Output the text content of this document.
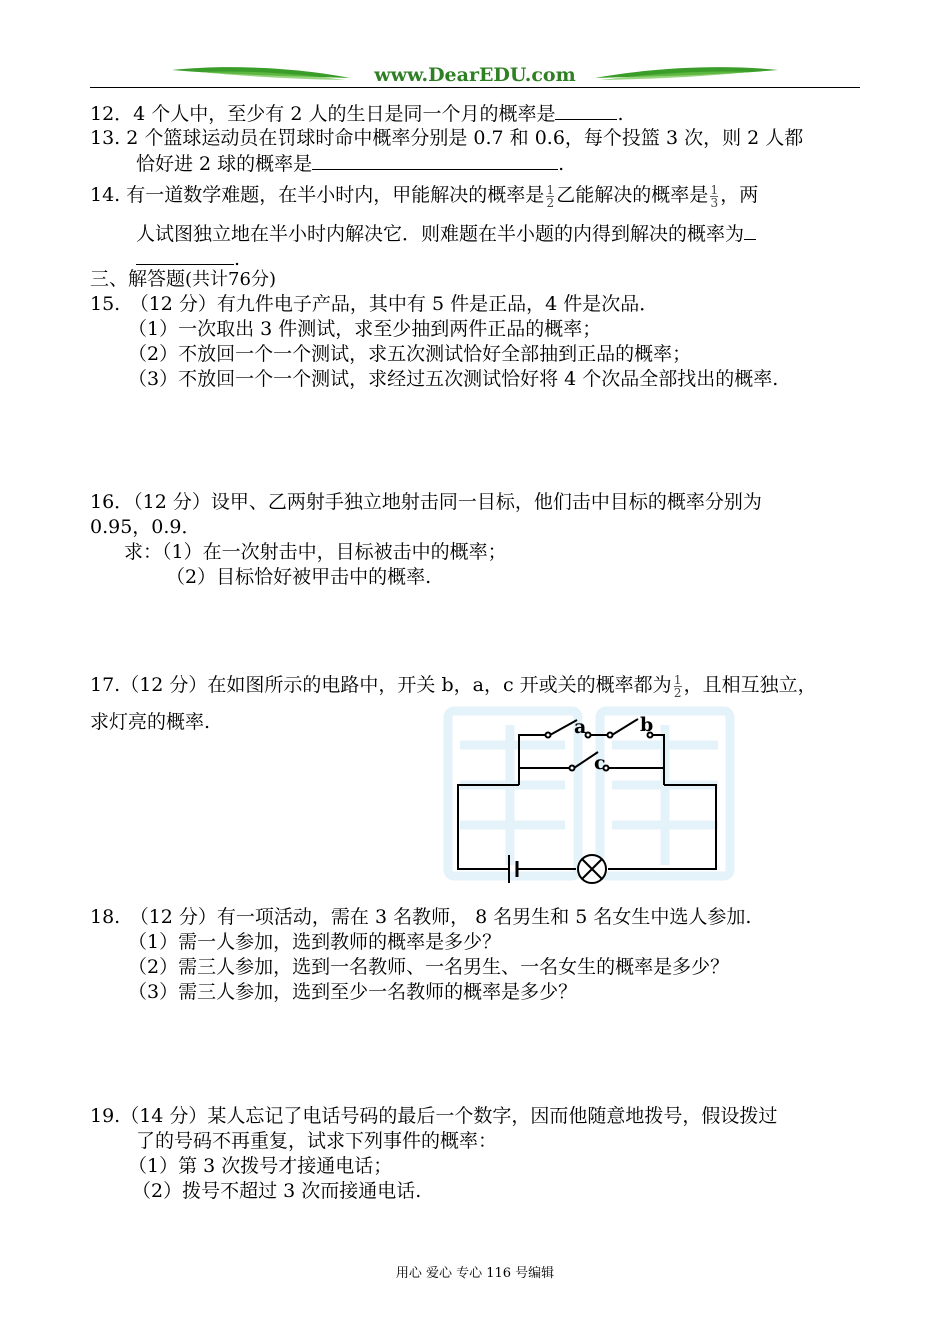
www.DearEDU.com
12．4 个人中，至少有 2 人的生日是同一个月的概率是	.
13. 2 个篮球运动员在罚球时命中概率分别是 0.7 和 0.6，每个投篮 3 次，则 2 人都
恰好进 2 球的概率是	.
14. 有一道数学难题，在半小时内，甲能解决的概率是 $\frac{1}{2}$ 乙能解决的概率是 $\frac{1}{3}$ ，两
人试图独立地在半小时内解决它．则难题在半小题的内得到解决的概率为
.
三、解答题(共计76分)
15.　（12 分）有九件电子产品，其中有 5 件是正品，4 件是次品．
（1）一次取出 3 件测试，求至少抽到两件正品的概率；
（2）不放回一个一个测试，求五次测试恰好全部抽到正品的概率；
（3）不放回一个一个测试，求经过五次测试恰好将 4 个次品全部找出的概率.
16．（12 分）设甲、乙两射手独立地射击同一目标，他们击中目标的概率分别为
0.95，0.9．
求：（1）在一次射击中，目标被击中的概率；
（2）目标恰好被甲击中的概率.
17.（12 分）在如图所示的电路中，开关 b，a，c 开或关的概率都为 $\frac{1}{2}$ ，且相互独立，
求灯亮的概率.	a	b
c
18.　（12 分）有一项活动，需在 3 名教师， 8 名男生和 5 名女生中选人参加.
（1）需一人参加，选到教师的概率是多少？
（2）需三人参加，选到一名教师、一名男生、一名女生的概率是多少？
（3）需三人参加，选到至少一名教师的概率是多少？
19.（14 分）某人忘记了电话号码的最后一个数字，因而他随意地拨号，假设拨过
了的号码不再重复，试求下列事件的概率：
（1）第 3 次拨号才接通电话；
（2）拨号不超过 3 次而接通电话.
用心 爱心 专心 116 号编辑
